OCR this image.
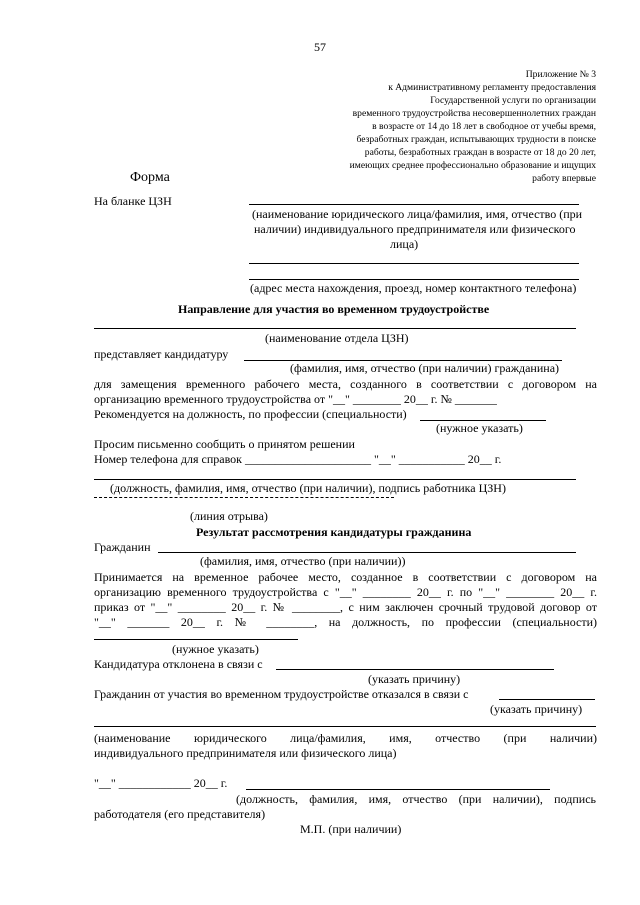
57
Приложение № 3
к Административному регламенту предоставления
Государственной услуги по организации
временного трудоустройства несовершеннолетних граждан
в возрасте от 14 до 18 лет в свободное от учебы время,
безработных граждан, испытывающих трудности в поиске
работы, безработных граждан в возрасте от 18 до 20 лет,
имеющих среднее профессионально образование и ищущих
работу впервые
Форма
На бланке ЦЗН
(наименование юридического лица/фамилия, имя, отчество (при
наличии) индивидуального предпринимателя или физического
лица)
(адрес места нахождения, проезд, номер контактного телефона)
Направление для участия во временном трудоустройстве
(наименование отдела ЦЗН)
представляет кандидатуру
(фамилия, имя, отчество (при наличии) гражданина)
для замещения временного рабочего места, созданного в соответствии с договором на
организацию временного трудоустройства от "__" ________ 20__ г. № _______
Рекомендуется на должность, по профессии (специальности)
(нужное указать)
Просим письменно сообщить о принятом решении
Номер телефона для справок _____________________ "__" ___________ 20__ г.
(должность, фамилия, имя, отчество (при наличии), подпись работника ЦЗН)
(линия отрыва)
Результат рассмотрения кандидатуры гражданина
Гражданин
(фамилия, имя, отчество (при наличии))
Принимается на временное рабочее место, созданное в соответствии с договором на
организацию временного трудоустройства с "__" ________ 20__ г. по "__" ________ 20__ г.
приказ от "__" ________ 20__ г. № ________, с ним заключен срочный трудовой договор от
"__" _______ 20__ г. № ________, на должность, по профессии (специальности)
(нужное указать)
Кандидатура отклонена в связи с
(указать причину)
Гражданин от участия во временном трудоустройстве отказался в связи с
(указать причину)
(наименование юридического лица/фамилия, имя, отчество (при наличии)
индивидуального предпринимателя или физического лица)
"__" ____________ 20__ г.
(должность, фамилия, имя, отчество (при наличии), подпись
работодателя (его представителя)
М.П. (при наличии)
